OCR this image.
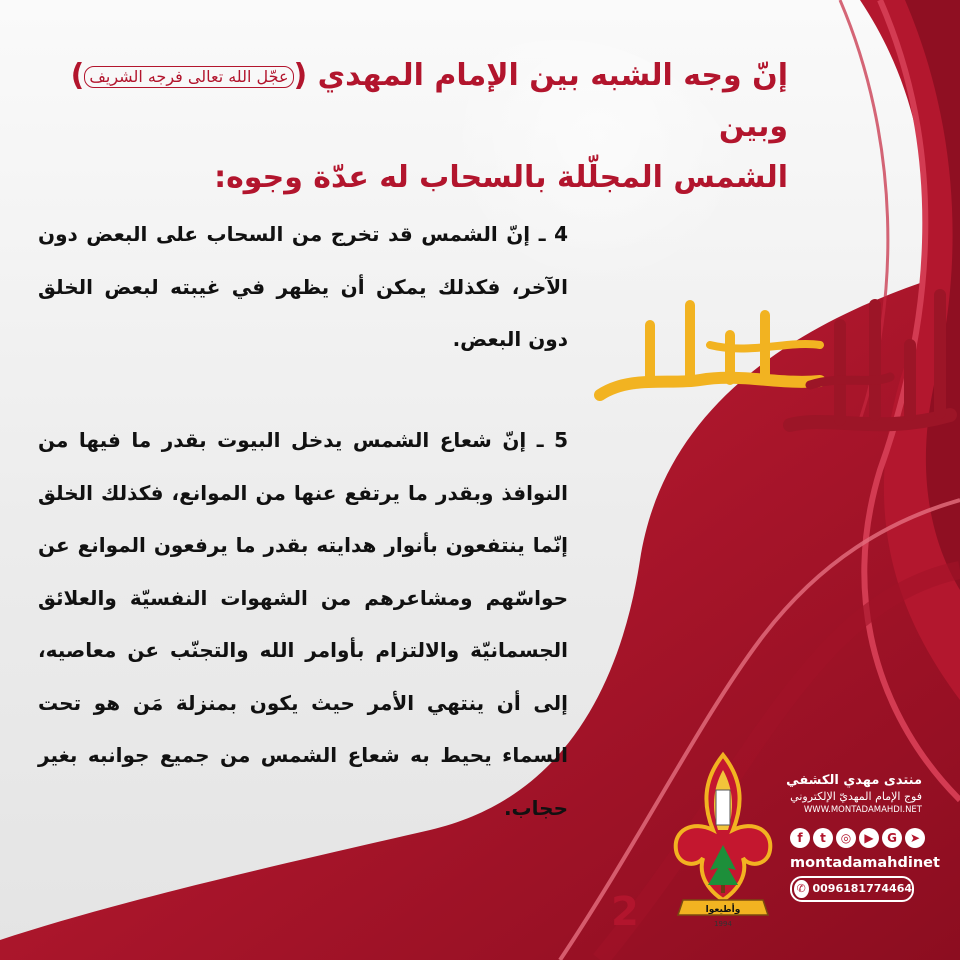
إنّ وجه الشبه بين الإمام المهدي (عجّل الله تعالى فرجه الشريف) وبين
الشمس المجلّلة بالسحاب له عدّة وجوه:

4 ـ إنّ الشمس قد تخرج من السحاب على البعض دون الآخر، فكذلك يمكن أن يظهر في غيبته لبعض الخلق دون البعض.

5 ـ إنّ شعاع الشمس يدخل البيوت بقدر ما فيها من النوافذ وبقدر ما يرتفع عنها من الموانع، فكذلك الخلق إنّما ينتفعون بأنوار هدايته بقدر ما يرفعون الموانع عن حواسّهم ومشاعرهم من الشهوات النفسيّة والعلائق الجسمانيّة والالتزام بأوامر الله والتجنّب عن معاصيه، إلى أن ينتهي الأمر حيث يكون بمنزلة مَن هو تحت السماء يحيط به شعاع الشمس من جميع جوانبه بغير حجاب.

وأطيعوا
1994
2
منتدى مهدي الكشفي
فوج الإمام المهديّ الإلكتروني
WWW.MONTADAMAHDI.NET
f	t	◎	▶	G	➤
montadamahdinet
✆ 0096181774464
